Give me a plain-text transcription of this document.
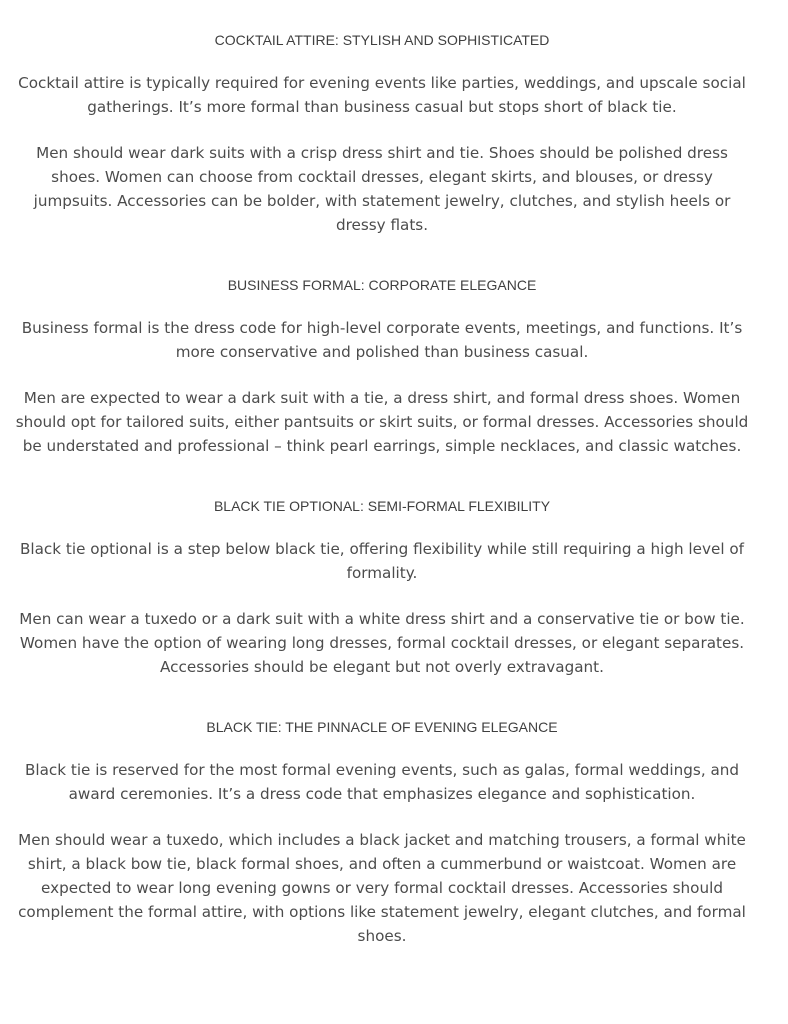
COCKTAIL ATTIRE: STYLISH AND SOPHISTICATED

Cocktail attire is typically required for evening events like parties, weddings, and upscale social gatherings. It’s more formal than business casual but stops short of black tie.

Men should wear dark suits with a crisp dress shirt and tie. Shoes should be polished dress shoes. Women can choose from cocktail dresses, elegant skirts, and blouses, or dressy jumpsuits. Accessories can be bolder, with statement jewelry, clutches, and stylish heels or dressy flats.

BUSINESS FORMAL: CORPORATE ELEGANCE

Business formal is the dress code for high-level corporate events, meetings, and functions. It’s more conservative and polished than business casual.

Men are expected to wear a dark suit with a tie, a dress shirt, and formal dress shoes. Women should opt for tailored suits, either pantsuits or skirt suits, or formal dresses. Accessories should be understated and professional – think pearl earrings, simple necklaces, and classic watches.

BLACK TIE OPTIONAL: SEMI-FORMAL FLEXIBILITY

Black tie optional is a step below black tie, offering flexibility while still requiring a high level of formality.

Men can wear a tuxedo or a dark suit with a white dress shirt and a conservative tie or bow tie. Women have the option of wearing long dresses, formal cocktail dresses, or elegant separates. Accessories should be elegant but not overly extravagant.

BLACK TIE: THE PINNACLE OF EVENING ELEGANCE

Black tie is reserved for the most formal evening events, such as galas, formal weddings, and award ceremonies. It’s a dress code that emphasizes elegance and sophistication.

Men should wear a tuxedo, which includes a black jacket and matching trousers, a formal white shirt, a black bow tie, black formal shoes, and often a cummerbund or waistcoat. Women are expected to wear long evening gowns or very formal cocktail dresses. Accessories should complement the formal attire, with options like statement jewelry, elegant clutches, and formal shoes.
